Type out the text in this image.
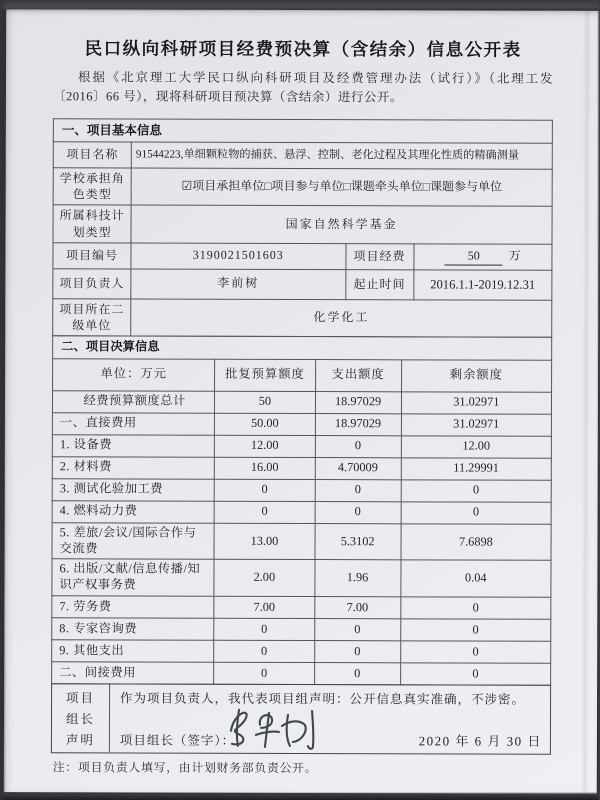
民口纵向科研项目经费预决算（含结余）信息公开表
根据《北京理工大学民口纵向科研项目及经费管理办法（试行）》（北理工发〔2016〕66 号），现将科研项目预决算（含结余）进行公开。
一、项目基本信息			
项目名称	91544223,单细颗粒物的捕获、悬浮、控制、老化过程及其理化性质的精确测量		
学校承担角色类型	☑项目承担单位□项目参与单位□课题牵头单位□课题参与单位		
所属科技计划类型	国家自然科学基金		
项目编号	3190021501603	项目经费	50 万
项目负责人	李前树	起止时间	2016.1.1-2019.12.31
项目所在二级单位	化学化工		
二、项目决算信息			
单位：万元	批复预算额度	支出额度	剩余额度
经费预算额度总计	50	18.97029	31.02971
一、直接费用	50.00	18.97029	31.02971
1. 设备费	12.00	0	12.00
2. 材料费	16.00	4.70009	11.29991
3. 测试化验加工费	0	0	0
4. 燃料动力费	0	0	0
5. 差旅/会议/国际合作与交流费	13.00	5.3102	7.6898
6. 出版/文献/信息传播/知识产权事务费	2.00	1.96	0.04
7. 劳务费	7.00	7.00	0
8. 专家咨询费	0	0	0
9. 其他支出	0	0	0
二、间接费用	0	0	0
项目
组长
声明
作为项目负责人，我代表项目组声明：公开信息真实准确，不涉密。
项目组长（签字）：	2020 年 6 月 30 日
注：项目负责人填写，由计划财务部负责公开。
